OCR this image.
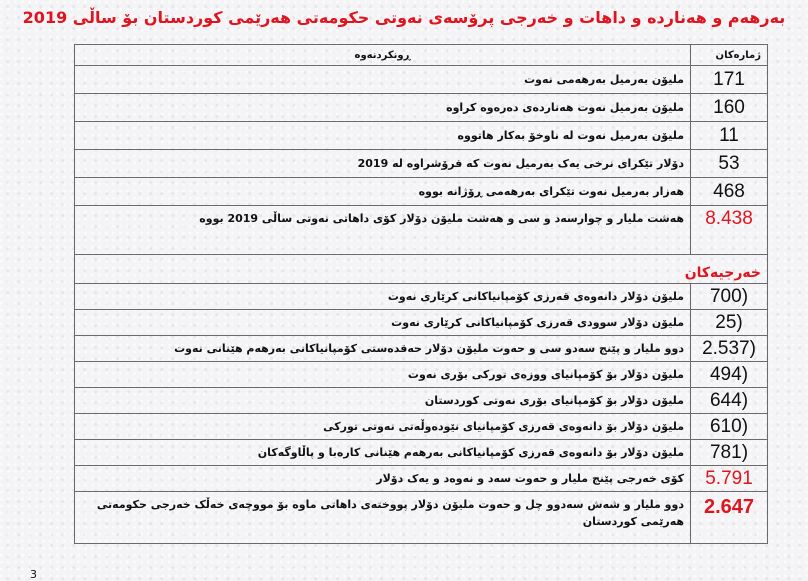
بەرهەم و هەناردە و داهات و خەرجی پرۆسەی نەوتی حکومەتی هەرێمی کوردستان بۆ ساڵی 2019
ژمارەکان	ڕونکردنەوە
171	ملیۆن بەرمیل بەرهەمی نەوت
160	ملیۆن بەرمیل نەوت هەناردەی دەرەوە کراوە
11	ملیۆن بەرمیل نەوت لە ناوخۆ بەکار هاتووە
53	دۆلار تێکرای نرخی یەک بەرمیل نەوت کە فرۆشراوە لە 2019
468	هەزار بەرمیل نەوت تێکرای بەرهەمی ڕۆژانە بووە
8.438	هەشت ملیار و چوارسەد و سی و هەشت ملیۆن دۆلار کۆی داهاتی نەوتی ساڵی 2019 بووە
خەرجیەکان	
(700	ملیۆن دۆلار دانەوەی قەرزی کۆمپانیاکانی کرێاری نەوت
(25	ملیۆن دۆلار سوودی قەرزی کۆمپانیاکانی کرێاری نەوت
(2.537	دوو ملیار و پێنج سەدو سی و حەوت ملیۆن دۆلار حەقدەستی کۆمپانیاکانی بەرهەم هێنانی نەوت
(494	ملیۆن دۆلار بۆ کۆمپانیای ووزەی تورکی بۆری نەوت
(644	ملیۆن دۆلار بۆ کۆمپانیای بۆری نەوتی کوردستان
(610	ملیۆن دۆلار بۆ دانەوەی قەرزی کۆمپانیای نێودەوڵەتی نەوتی تورکی
(781	ملیۆن دۆلار بۆ دانەوەی قەرزی کۆمپانیاکانی بەرهەم هێنانی کارەبا و پاڵاوگەکان
5.791	کۆی خەرجی پێنج ملیار و حەوت سەد و نەوەد و یەک دۆلار
2.647	دوو ملیار و شەش سەدوو چل و حەوت ملیۆن دۆلار پووختەی داهاتی ماوە بۆ مووچەی خەڵک خەرجی حکومەتی هەرێمی کوردستان
3
